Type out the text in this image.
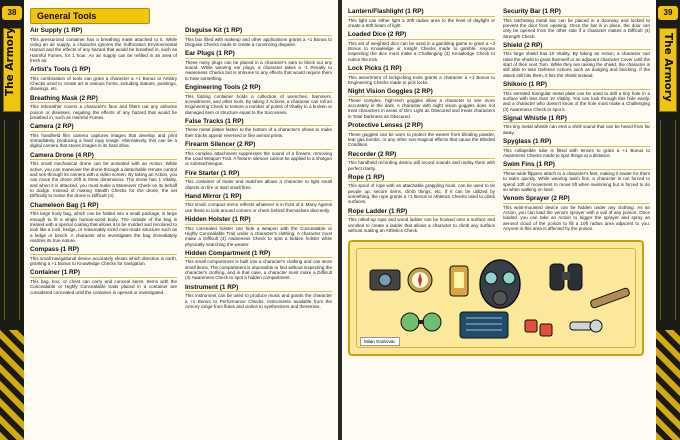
38
The Armory
General Tools
Air Supply (1 RP)

This pressurized container has a breathing mask attached to it. While using an air supply, a character ignores the Suffocation Environmental Hazard and the effects of any hazard that would be breathed in, such as Harmful Fumes, for 1 hour. An air supply can be refilled in an area of fresh air.

Artist's Tools (1 RP)

This combination of tools can grant a character a +1 Bonus to Artistry Checks used to create art in various forms, including statues, paintings, drawings, etc.

Breathing Mask (2 RP)

This rebreather covers a character's face and filters out any airborne poison or diseases, negating the effects of any hazard that would be breathed in, such as Harmful Fumes.

Camera (2 RP)

This handheld film camera captures images that develop and print immediately, producing a hard copy image. Alternatively, this can be a digital camera that stores images in its hard drive.

Camera Drone (4 RP)

This small mechanical drone can be activated with an Action. While active, you can maneuver the drone through a detachable remote control and see through its camera with a video screen. By taking an Action, you can move the drone 20ft in three dimensions. The drone has 1 Vitality, and when it is attacked, you must make a Maneuver Check on its behalf to dodge. Instead of making Stealth Checks for the drone, the set Difficulty to notice the drone is Difficult (4).

Chameleon Bag (1 RP)

This large body bag, which can be folded into a small package, is large enough to fit a single human-sized body. The outside of the bag is treated with a special coating that allows it to be molded and recolored to look like a rock, hedge, or reasonably sized man-made structure such as a ledge or bench. A character who investigates the bag immediately realizes its true nature.

Compass (1 RP)

This small navigational device accurately shows which direction is north, granting a +1 Bonus to Knowledge Checks for navigation.

Container (1 RP)

This bag, box, or chest can carry and conceal items. Items with the Concealable or Highly Concealable traits placed in a container are considered concealed until the container is opened or investigated.

Disguise Kit (1 RP)

This box filled with makeup and other applications grants a +1 Bonus to Disguise Checks made to create a convincing disguise.

Ear Plugs (1 RP)

These noisy plugs can be placed in a character's ears to block out any sound. While wearing ear plugs, a character takes a -1 Penalty to Awareness Checks but is immune to any effects that would require them to hear something.

Engineering Tools (2 RP)

This folding container holds a collection of wrenches, hammers, screwdrivers, and other tools. By taking 3 Actions, a character can roll an Engineering Check to restore a number of points of Vitality to a broken or damaged item or structure equal to the Successes.

False Tracks (1 RP)

These metal plates fasten to the bottom of a character's shoes to make their tracks appear reversed or like animal prints.

Firearm Silencer (2 RP)

This complex attachment suppresses the sound of a firearm, removing the Loud Weapon Trait. A firearm silencer cannot be applied to a shotgun or submachinegun.

Fire Starter (1 RP)

This container of tinder and matches allows a character to light small objects on fire or start small fires.

Hand Mirror (1 RP)

This small, compact mirror reflects whatever is in front of it. Many Agents use these to look around corners or check behind themselves discreetly.

Hidden Holster (1 RP)

This concealed holster can hide a weapon with the Concealable or Highly Concealable Trait under a character's clothing. A character must make a Difficult (4) Awareness Check to spot a hidden holster while physically searching the wearer.

Hidden Compartment (1 RP)

This small compartment is built into a character's clothing and can store small items. The compartment is impossible to find without inspecting the character's clothing, and in that case, a character must make a Difficult (4) Awareness Check to spot a hidden compartment.

Instrument (1 RP)

This instrument can be used to produce music and grants the character a +1 Bonus to Performance Checks. Instruments available from the Armory range from flutes and violins to synthesizers and theremins.

39
The Armory
Lantern/Flashlight (1 RP)

This light can either light a 20ft radius area to the level of daylight or create a 60ft beam of light.

Loaded Dice (2 RP)

This set of weighted dice can be used in a gambling game to grant a +2 Bonus to Knowledge or Insight Checks made to gamble. Anyone inspecting the dice must make a Challenging (3) Knowledge Check to notice the trick.

Lock Picks (1 RP)

This assortment of lockpicking tools grants a character a +1 Bonus to Engineering Checks made to pick locks.

Night Vision Goggles (2 RP)

These complex, high-tech goggles allow a character to see more accurately in the dark. A character with night vision goggles does not treat characters in areas of Dim Light as Obscured and treats characters in Total Darkness as Obscured.

Protective Lenses (2 RP)

These goggles can be worn to protect the wearer from blinding powder, tear gas bombs, or any other non-magical effects that cause the Blinded Condition.

Recorder (2 RP)

This handheld recording device will record sounds and replay them with perfect clarity.

Rope (1 RP)

This spool of rope with an attachable grappling hook, can be used to tie people up, secure items, climb things, etc. If it can be utilized by something, the rope grants a +1 Bonus to Athletics Checks used to climb surfaces.

Rope Ladder (1 RP)

This rolled-up rope and wood ladder can be hooked onto a surface and unrolled to create a ladder that allows a character to climb any surface without making an Athletics Check.

Security Bar (1 RP)

This ratcheting metal bar can be placed in a doorway and locked to prevent the door from opening. Once the bar is in place, the door can only be opened from the other side if a character makes a Difficult (4) Strength Check.

Shield (2 RP)

This large shield has 10 Vitality. By taking an Action, a character can raise the shield to grant themself or an adjacent character Cover until the start of their next Turn. While they are raising the shield, the character is still able to take Defense Actions such as dodging and blocking. If the attack still hits them, it hits the shield instead.

Shikoro (1 RP)

This serrated triangular metal plate can be used to drill a tiny hole in a surface with less than 10 Vitality. You can look through this hole easily, and a character who doesn't know of the hole must make a Challenging (3) Awareness Check to spot it.

Signal Whistle (1 RP)

This tiny metal whistle can emit a shrill sound that can be heard from far away.

Spyglass (1 RP)

This collapsible tube is fitted with lenses to grant a +1 Bonus to Awareness Checks made to spot things at a distance.

Swim Fins (1 RP)

These wide flippers attach to a character's feet, making it easier for them to swim quickly. While wearing swim fins, a character is not forced to spend 10ft of movement to move 5ft when swimming but is forced to do so when walking on land.

Venom Sprayer (2 RP)

This wrist-mounted device can be hidden under any clothing. As an Action, you can load the venom sprayer with a vial of any poison. Once loaded, you can take an Action to trigger the sprayer and spray an aerosol cloud of the poison to fill a 10ft radius area adjacent to you. Anyone in this area is affected by the poison.

Milan Grahovac
